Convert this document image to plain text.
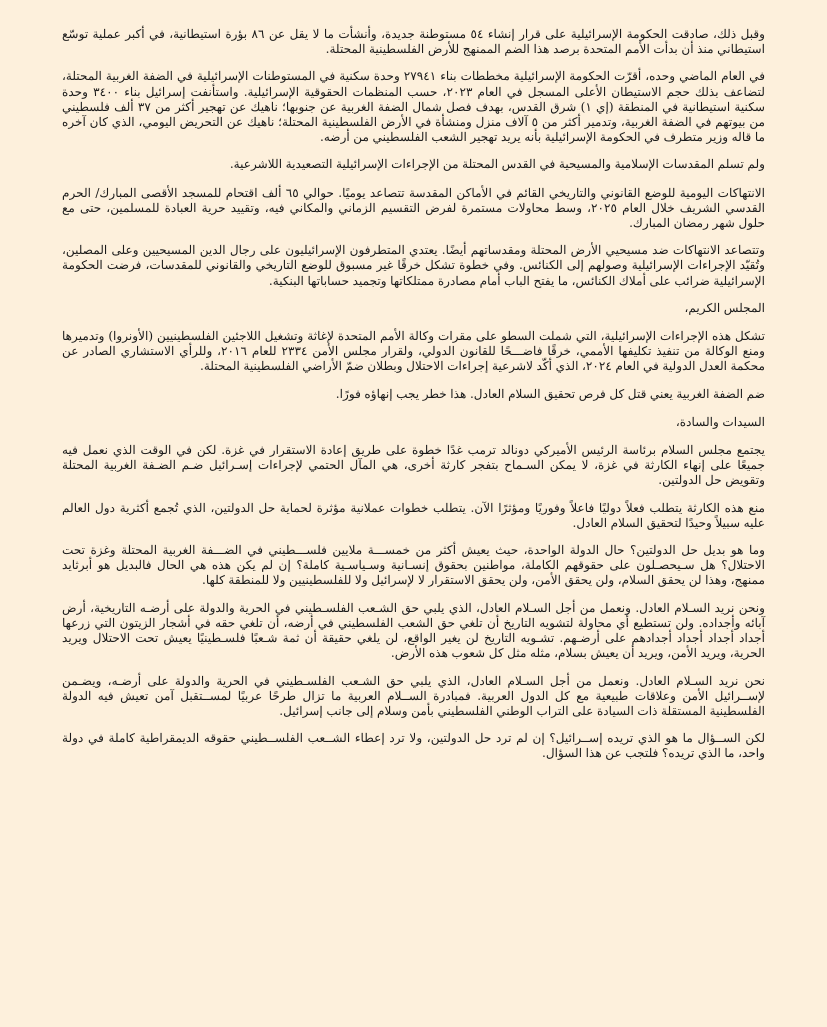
وقبل ذلك، صادقت الحكومة الإسرائيلية على قرار إنشاء ٥٤ مستوطنة جديدة، وأنشأت ما لا يقل عن ٨٦ بؤرة استيطانية، في أكبر عملية توسّع استيطاني منذ أن بدأت الأمم المتحدة برصد هذا الضم الممنهج للأرض الفلسطينية المحتلة.

في العام الماضي وحده، أقرّت الحكومة الإسرائيلية مخططات بناء ٢٧٩٤١ وحدة سكنية في المستوطنات الإسرائيلية في الضفة الغربية المحتلة، لتضاعف بذلك حجم الاستيطان الأعلى المسجل في العام ٢٠٢٣، حسب المنظمات الحقوقية الإسرائيلية. واستأنفت إسرائيل بناء ٣٤٠٠ وحدة سكنية استيطانية في المنطقة (إي ١) شرق القدس، بهدف فصل شمال الضفة الغربية عن جنوبها؛ ناهيك عن تهجير أكثر من ٣٧ ألف فلسطيني من بيوتهم في الضفة الغربية، وتدمير أكثر من ٥ آلاف منزل ومنشأة في الأرض الفلسطينية المحتلة؛ ناهيك عن التحريض اليومي، الذي كان آخره ما قاله وزير متطرف في الحكومة الإسرائيلية بأنه يريد تهجير الشعب الفلسطيني من أرضه.

ولم تسلم المقدسات الإسلامية والمسيحية في القدس المحتلة من الإجراءات الإسرائيلية التصعيدية اللاشرعية.

الانتهاكات اليومية للوضع القانوني والتاريخي القائم في الأماكن المقدسة تتصاعد يوميًا. حوالي ٦٥ ألف اقتحام للمسجد الأقصى المبارك/ الحرم القدسي الشريف خلال العام ٢٠٢٥، وسط محاولات مستمرة لفرض التقسيم الزماني والمكاني فيه، وتقييد حرية العبادة للمسلمين، حتى مع حلول شهر رمضان المبارك.

وتتصاعد الانتهاكات ضد مسيحيي الأرض المحتلة ومقدساتهم أيضًا. يعتدي المتطرفون الإسرائيليون على رجال الدين المسيحيين وعلى المصلين، وتُقيّد الإجراءات الإسرائيلية وصولهم إلى الكنائس. وفي خطوة تشكل خرقًا غير مسبوق للوضع التاريخي والقانوني للمقدسات، فرضت الحكومة الإسرائيلية ضرائب على أملاك الكنائس، ما يفتح الباب أمام مصادرة ممتلكاتها وتجميد حساباتها البنكية.

المجلس الكريم،

تشكل هذه الإجراءات الإسرائيلية، التي شملت السطو على مقرات وكالة الأمم المتحدة لإغاثة وتشغيل اللاجئين الفلسطينيين (الأونروا) وتدميرها ومنع الوكالة من تنفيذ تكليفها الأممي، خرقًا فاضـــحًا للقانون الدولي، ولقرار مجلس الأمن ٢٣٣٤ للعام ٢٠١٦، وللرأي الاستشاري الصادر عن محكمة العدل الدولية في العام ٢٠٢٤، الذي أكّد لاشرعية إجراءات الاحتلال وبطلان ضمّ الأراضي الفلسطينية المحتلة.

ضم الضفة الغربية يعني قتل كل فرص تحقيق السلام العادل. هذا خطر يجب إنهاؤه فورًا.

السيدات والسادة،

يجتمع مجلس السلام برئاسة الرئيس الأميركي دونالد ترمب غدًا خطوة على طريق إعادة الاستقرار في غزة. لكن في الوقت الذي نعمل فيه جميعًا على إنهاء الكارثة في غزة، لا يمكن السـماح بتفجر كارثة أخرى، هي المآل الحتمي لإجراءات إسـرائيل ضـم الضـفة الغربية المحتلة وتقويض حل الدولتين.

منع هذه الكارثة يتطلب فعلاً دوليًا فاعلاً وفوريًا ومؤثرًا الآن. يتطلب خطوات عملانية مؤثرة لحماية حل الدولتين، الذي تُجمع أكثرية دول العالم عليه سبيلاً وحيدًا لتحقيق السلام العادل.

وما هو بديل حل الدولتين؟ حال الدولة الواحدة، حيث يعيش أكثر من خمســـة ملايين فلســـطيني في الضـــفة الغربية المحتلة وغزة تحت الاحتلال؟ هل سـيحصـلون على حقوقهم الكاملة، مواطنين بحقوق إنسـانية وسـياسـية كاملة؟ إن لم يكن هذه هي الحال فالبديل هو أبرثايد ممنهج، وهذا لن يحقق السلام، ولن يحقق الأمن، ولن يحقق الاستقرار لا لإسرائيل ولا للفلسطينيين ولا للمنطقة كلها.

ونحن نريد السـلام العادل. ونعمل من أجل السـلام العادل، الذي يلبي حق الشـعب الفلسـطيني في الحرية والدولة على أرضـه التاريخية، أرض آبائه وأجداده. ولن تستطيع أي محاولة لتشويه التاريخ أن تلغي حق الشعب الفلسطيني في أرضه، أن تلغي حقه في أشجار الزيتون التي زرعها أجداد أجداد أجداد أجدادهم على أرضـهم. تشـويه التاريخ لن يغير الواقع، لن يلغي حقيقة أن ثمة شـعبًا فلسـطينيًا يعيش تحت الاحتلال ويريد الحرية، ويريد الأمن، ويريد أن يعيش بسلام، مثله مثل كل شعوب هذه الأرض.

نحن نريد السـلام العادل. ونعمل من أجل السـلام العادل، الذي يلبي حق الشـعب الفلسـطيني في الحرية والدولة على أرضـه، ويضـمن لإســرائيل الأمن وعلاقات طبيعية مع كل الدول العربية. فمبادرة الســلام العربية ما تزال طرحًا عربيًا لمســتقبل آمن تعيش فيه الدولة الفلسطينية المستقلة ذات السيادة على التراب الوطني الفلسطيني بأمن وسلام إلى جانب إسرائيل.

لكن الســؤال ما هو الذي تريده إســرائيل؟ إن لم ترد حل الدولتين، ولا ترد إعطاء الشــعب الفلســطيني حقوقه الديمقراطية كاملة في دولة واحد، ما الذي تريده؟ فلتجب عن هذا السؤال.
